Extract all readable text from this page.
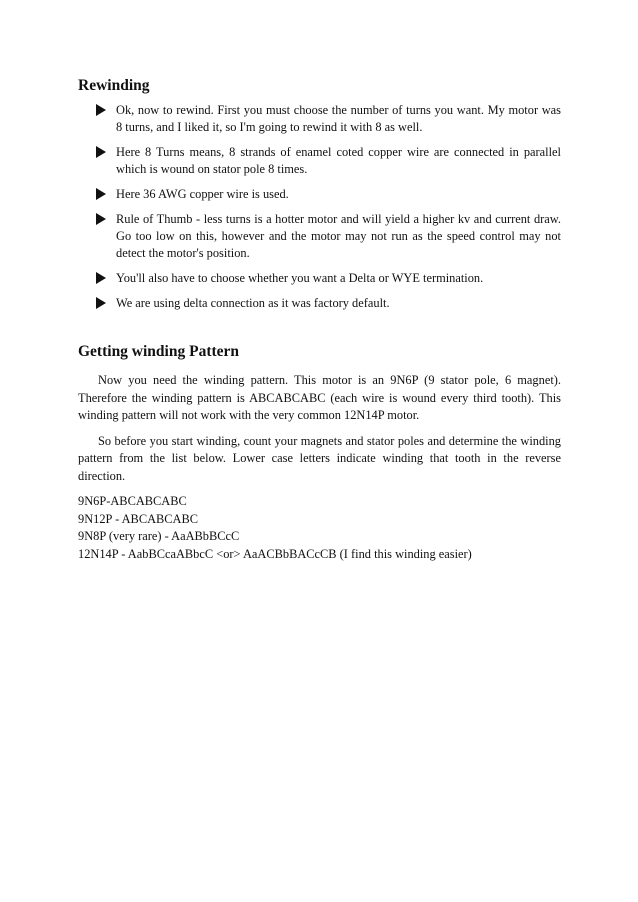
Rewinding
Ok, now to rewind. First you must choose the number of turns you want. My motor was 8 turns, and I liked it, so I'm going to rewind it with 8 as well.
Here 8 Turns means, 8 strands of enamel coted copper wire are connected in parallel which is wound on stator pole 8 times.
Here 36 AWG copper wire is used.
Rule of Thumb - less turns is a hotter motor and will yield a higher kv and current draw. Go too low on this, however and the motor may not run as the speed control may not detect the motor's position.
You'll also have to choose whether you want a Delta or WYE termination.
We are using delta connection as it was factory default.
Getting winding Pattern

Now you need the winding pattern. This motor is an 9N6P (9 stator pole, 6 magnet). Therefore the winding pattern is ABCABCABC (each wire is wound every third tooth). This winding pattern will not work with the very common 12N14P motor.

So before you start winding, count your magnets and stator poles and determine the winding pattern from the list below. Lower case letters indicate winding that tooth in the reverse direction.

9N6P-ABCABCABC
9N12P - ABCABCABC
9N8P (very rare) - AaABbBCcC
12N14P - AabBCcaABbcC <or> AaACBbBACcCB (I find this winding easier)
